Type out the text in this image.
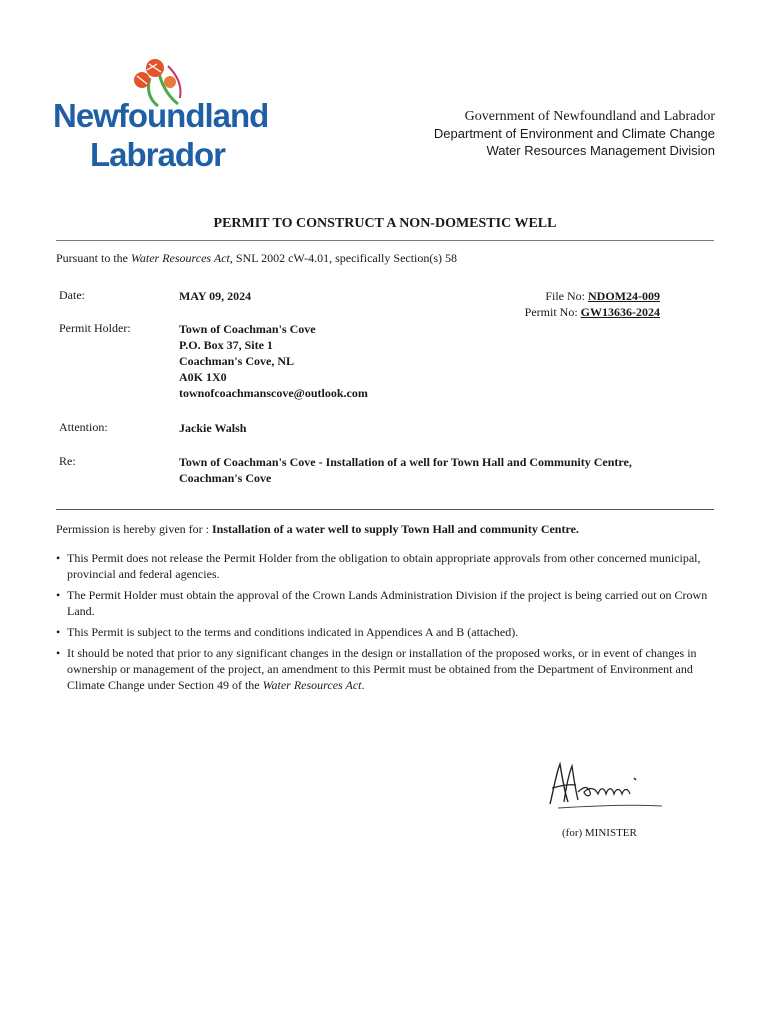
Newfoundland
Labrador
Government of Newfoundland and Labrador
Department of Environment and Climate Change
Water Resources Management Division
PERMIT TO CONSTRUCT A NON-DOMESTIC WELL
Pursuant to the Water Resources Act, SNL 2002 cW-4.01, specifically Section(s) 58
Date:	MAY 09, 2024	File No: NDOM24-009
Permit No: GW13636-2024
Permit Holder:	Town of Coachman's Cove
P.O. Box 37, Site 1
Coachman's Cove, NL
A0K 1X0
townofcoachmanscove@outlook.com
Attention:	Jackie Walsh
Re:	Town of Coachman's Cove - Installation of a well for Town Hall and Community Centre,
Coachman's Cove
Permission is hereby given for : Installation of a water well to supply Town Hall and community Centre.
• This Permit does not release the Permit Holder from the obligation to obtain appropriate approvals from other concerned municipal, provincial and federal agencies.
• The Permit Holder must obtain the approval of the Crown Lands Administration Division if the project is being carried out on Crown Land.
• This Permit is subject to the terms and conditions indicated in Appendices A and B (attached).
• It should be noted that prior to any significant changes in the design or installation of the proposed works, or in event of changes in ownership or management of the project, an amendment to this Permit must be obtained from the Department of Environment and Climate Change under Section 49 of the Water Resources Act.
(for) MINISTER
